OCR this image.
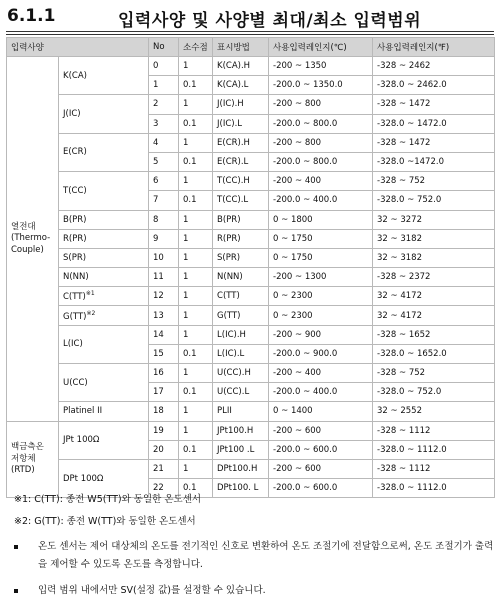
6.1.1	입력사양 및 사양별 최대/최소 입력범위
입력사양		No	소수점	표시방법	사용입력레인지(℃)	사용입력레인지(℉)
열전대
(Thermo-
Couple)	K(CA)	0	1	K(CA).H	-200 ~ 1350	-328 ~ 2462
		1	0.1	K(CA).L	-200.0 ~ 1350.0	-328.0 ~ 2462.0
	J(IC)	2	1	J(IC).H	-200 ~ 800	-328 ~ 1472
		3	0.1	J(IC).L	-200.0 ~ 800.0	-328.0 ~ 1472.0
	E(CR)	4	1	E(CR).H	-200 ~ 800	-328 ~ 1472
		5	0.1	E(CR).L	-200.0 ~ 800.0	-328.0 ~1472.0
	T(CC)	6	1	T(CC).H	-200 ~ 400	-328 ~ 752
		7	0.1	T(CC).L	-200.0 ~ 400.0	-328.0 ~ 752.0
	B(PR)	8	1	B(PR)	0 ~ 1800	32 ~ 3272
	R(PR)	9	1	R(PR)	0 ~ 1750	32 ~ 3182
	S(PR)	10	1	S(PR)	0 ~ 1750	32 ~ 3182
	N(NN)	11	1	N(NN)	-200 ~ 1300	-328 ~ 2372
	C(TT)$^{※1}$	12	1	C(TT)	0 ~ 2300	32 ~ 4172
	G(TT)$^{※2}$	13	1	G(TT)	0 ~ 2300	32 ~ 4172
	L(IC)	14	1	L(IC).H	-200 ~ 900	-328 ~ 1652
		15	0.1	L(IC).L	-200.0 ~ 900.0	-328.0 ~ 1652.0
	U(CC)	16	1	U(CC).H	-200 ~ 400	-328 ~ 752
		17	0.1	U(CC).L	-200.0 ~ 400.0	-328.0 ~ 752.0
	Platinel II	18	1	PLII	0 ~ 1400	32 ~ 2552
백금측온
저항체
(RTD)	JPt 100Ω	19	1	JPt100.H	-200 ~ 600	-328 ~ 1112
		20	0.1	JPt100 .L	-200.0 ~ 600.0	-328.0 ~ 1112.0
	DPt 100Ω	21	1	DPt100.H	-200 ~ 600	-328 ~ 1112
		22	0.1	DPt100. L	-200.0 ~ 600.0	-328.0 ~ 1112.0
※1: C(TT): 종전 W5(TT)와 동일한 온도센서
※2: G(TT): 종전 W(TT)와 동일한 온도센서
온도 센서는 제어 대상체의 온도를 전기적인 신호로 변환하여 온도 조절기에 전달함으로써, 온도 조절기가 출력을 제어할 수 있도록 온도를 측정합니다.
입력 범위 내에서만 SV(설정 값)를 설정할 수 있습니다.
